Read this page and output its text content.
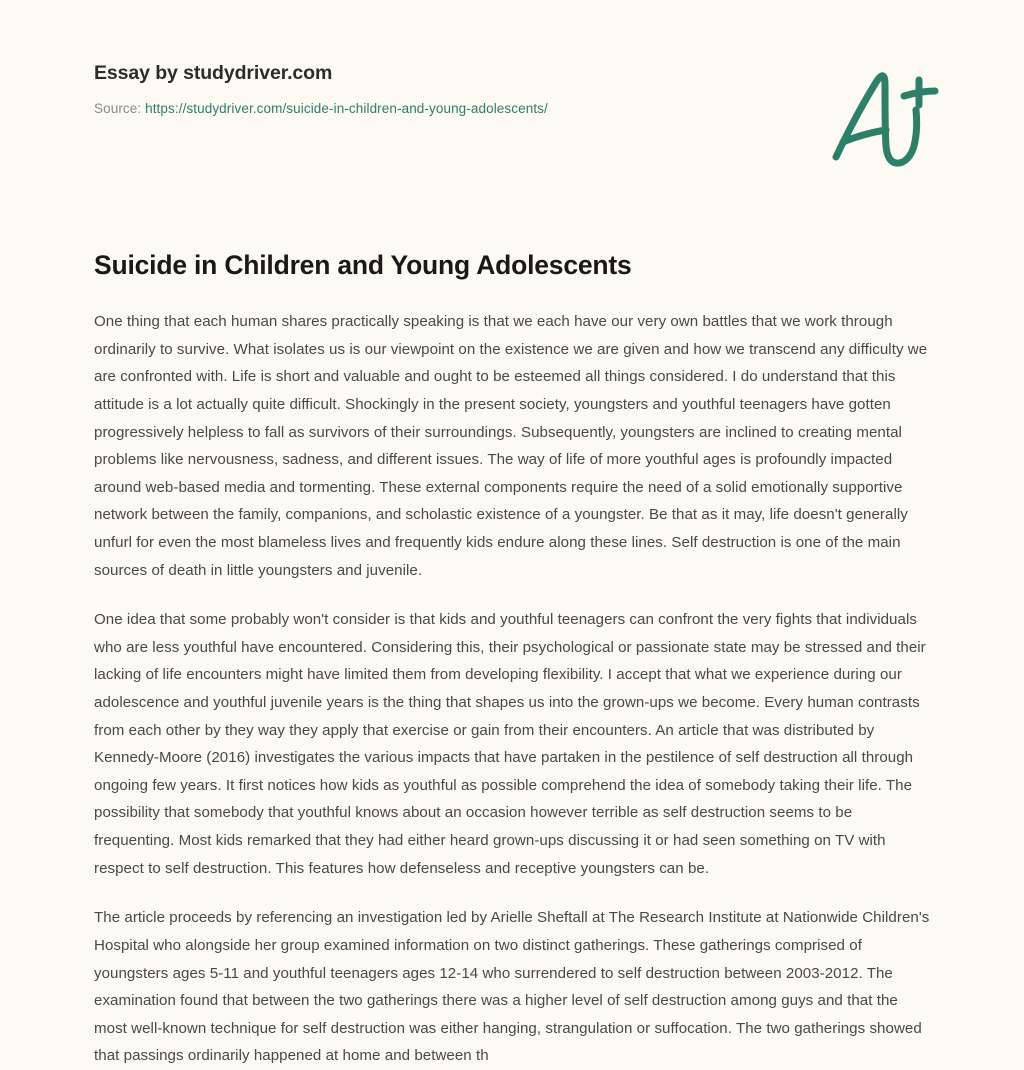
Essay by studydriver.com
Source: https://studydriver.com/suicide-in-children-and-young-adolescents/
Suicide in Children and Young Adolescents

One thing that each human shares practically speaking is that we each have our very own battles that we work through ordinarily to survive. What isolates us is our viewpoint on the existence we are given and how we transcend any difficulty we are confronted with. Life is short and valuable and ought to be esteemed all things considered. I do understand that this attitude is a lot actually quite difficult. Shockingly in the present society, youngsters and youthful teenagers have gotten progressively helpless to fall as survivors of their surroundings. Subsequently, youngsters are inclined to creating mental problems like nervousness, sadness, and different issues. The way of life of more youthful ages is profoundly impacted around web-based media and tormenting. These external components require the need of a solid emotionally supportive network between the family, companions, and scholastic existence of a youngster. Be that as it may, life doesn't generally unfurl for even the most blameless lives and frequently kids endure along these lines. Self destruction is one of the main sources of death in little youngsters and juvenile.

One idea that some probably won't consider is that kids and youthful teenagers can confront the very fights that individuals who are less youthful have encountered. Considering this, their psychological or passionate state may be stressed and their lacking of life encounters might have limited them from developing flexibility. I accept that what we experience during our adolescence and youthful juvenile years is the thing that shapes us into the grown-ups we become. Every human contrasts from each other by they way they apply that exercise or gain from their encounters. An article that was distributed by Kennedy-Moore (2016) investigates the various impacts that have partaken in the pestilence of self destruction all through ongoing few years. It first notices how kids as youthful as possible comprehend the idea of somebody taking their life. The possibility that somebody that youthful knows about an occasion however terrible as self destruction seems to be frequenting. Most kids remarked that they had either heard grown-ups discussing it or had seen something on TV with respect to self destruction. This features how defenseless and receptive youngsters can be.

The article proceeds by referencing an investigation led by Arielle Sheftall at The Research Institute at Nationwide Children's Hospital who alongside her group examined information on two distinct gatherings. These gatherings comprised of youngsters ages 5-11 and youthful teenagers ages 12-14 who surrendered to self destruction between 2003-2012. The examination found that between the two gatherings there was a higher level of self destruction among guys and that the most well-known technique for self destruction was either hanging, strangulation or suffocation. The two gatherings showed that passings ordinarily happened at home and between th
